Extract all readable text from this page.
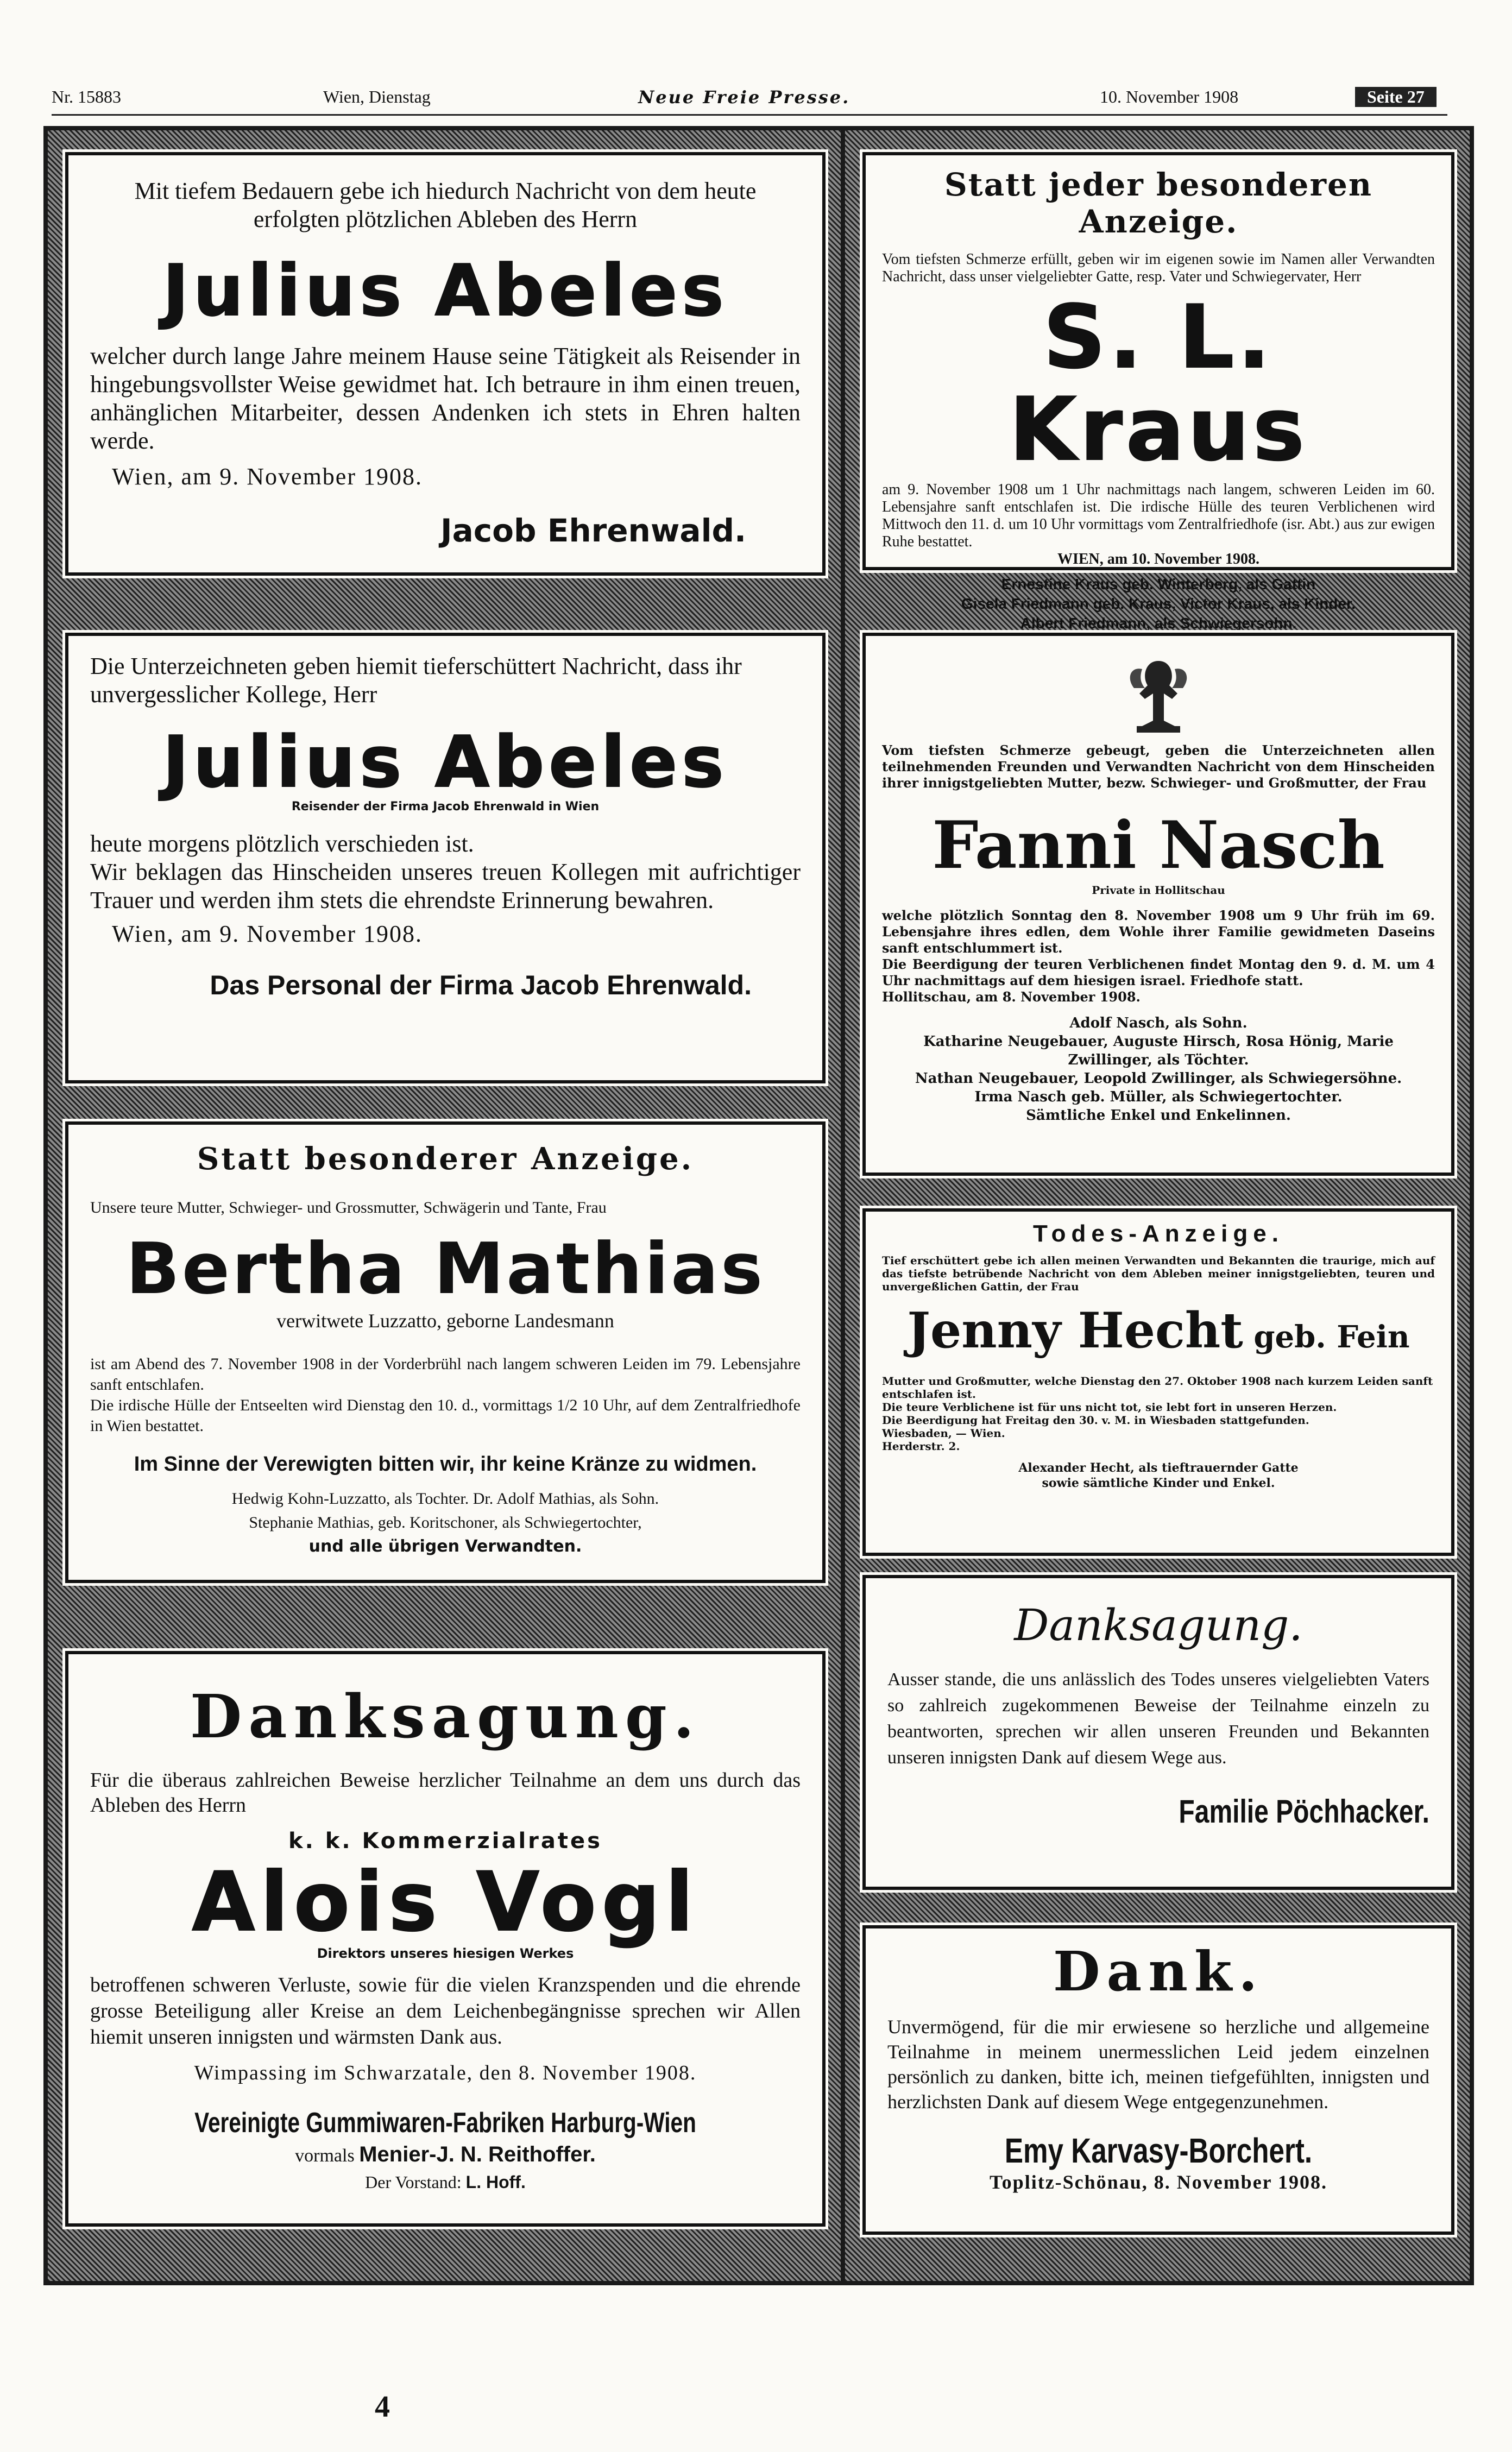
Nr. 15883	Wien, Dienstag	Neue Freie Presse.	10. November 1908	Seite 27

Mit tiefem Bedauern gebe ich hiedurch Nachricht von dem heute erfolgten plötzlichen Ableben des Herrn

Julius Abeles

welcher durch lange Jahre meinem Hause seine Tätigkeit als Reisender in hingebungsvollster Weise gewidmet hat. Ich betraure in ihm einen treuen, anhänglichen Mitarbeiter, dessen Andenken ich stets in Ehren halten werde.

Wien, am 9. November 1908.

Jacob Ehrenwald.

Die Unterzeichneten geben hiemit tieferschüttert Nachricht, dass ihr unvergesslicher Kollege, Herr

Julius Abeles

Reisender der Firma Jacob Ehrenwald in Wien

heute morgens plötzlich verschieden ist.

Wir beklagen das Hinscheiden unseres treuen Kollegen mit aufrichtiger Trauer und werden ihm stets die ehrendste Erinnerung bewahren.

Wien, am 9. November 1908.

Das Personal der Firma Jacob Ehrenwald.

Statt besonderer Anzeige.

Unsere teure Mutter, Schwieger- und Grossmutter, Schwägerin und Tante, Frau

Bertha Mathias

verwitwete Luzzatto, geborne Landesmann

ist am Abend des 7. November 1908 in der Vorderbrühl nach langem schweren Leiden im 79. Lebensjahre sanft entschlafen.

Die irdische Hülle der Entseelten wird Dienstag den 10. d., vormittags 1/2 10 Uhr, auf dem Zentralfriedhofe in Wien bestattet.

Im Sinne der Verewigten bitten wir, ihr keine Kränze zu widmen.

Hedwig Kohn-Luzzatto, als Tochter. Dr. Adolf Mathias, als Sohn.

Stephanie Mathias, geb. Koritschoner, als Schwiegertochter,

und alle übrigen Verwandten.

Danksagung.

Für die überaus zahlreichen Beweise herzlicher Teilnahme an dem uns durch das Ableben des Herrn

k. k. Kommerzialrates

Alois Vogl

Direktors unseres hiesigen Werkes

betroffenen schweren Verluste, sowie für die vielen Kranzspenden und die ehrende grosse Beteiligung aller Kreise an dem Leichenbegängnisse sprechen wir Allen hiemit unseren innigsten und wärmsten Dank aus.

Wimpassing im Schwarzatale, den 8. November 1908.

Vereinigte Gummiwaren-Fabriken Harburg-Wien

vormals Menier-J. N. Reithoffer.

Der Vorstand: L. Hoff.

Statt jeder besonderen Anzeige.

Vom tiefsten Schmerze erfüllt, geben wir im eigenen sowie im Namen aller Verwandten Nachricht, dass unser vielgeliebter Gatte, resp. Vater und Schwiegervater, Herr

S. L. Kraus

am 9. November 1908 um 1 Uhr nachmittags nach langem, schweren Leiden im 60. Lebensjahre sanft entschlafen ist. Die irdische Hülle des teuren Verblichenen wird Mittwoch den 11. d. um 10 Uhr vormittags vom Zentralfriedhofe (isr. Abt.) aus zur ewigen Ruhe bestattet.

WIEN, am 10. November 1908.

Ernestine Kraus geb. Winterberg, als Gattin

Gisela Friedmann geb. Kraus, Victor Kraus, als Kinder.

Albert Friedmann, als Schwiegersohn.

Vom tiefsten Schmerze gebeugt, geben die Unterzeichneten allen teilnehmenden Freunden und Verwandten Nachricht von dem Hinscheiden ihrer innigstgeliebten Mutter, bezw. Schwieger- und Großmutter, der Frau

Fanni Nasch

Private in Hollitschau

welche plötzlich Sonntag den 8. November 1908 um 9 Uhr früh im 69. Lebensjahre ihres edlen, dem Wohle ihrer Familie gewidmeten Daseins sanft entschlummert ist.

Die Beerdigung der teuren Verblichenen findet Montag den 9. d. M. um 4 Uhr nachmittags auf dem hiesigen israel. Friedhofe statt.

Hollitschau, am 8. November 1908.

Adolf Nasch, als Sohn.

Katharine Neugebauer, Auguste Hirsch, Rosa Hönig, Marie Zwillinger, als Töchter.

Nathan Neugebauer, Leopold Zwillinger, als Schwiegersöhne.

Irma Nasch geb. Müller, als Schwiegertochter.

Sämtliche Enkel und Enkelinnen.

Todes-Anzeige.

Tief erschüttert gebe ich allen meinen Verwandten und Bekannten die traurige, mich auf das tiefste betrübende Nachricht von dem Ableben meiner innigstgeliebten, teuren und unvergeßlichen Gattin, der Frau

Jenny Hecht geb. Fein

Mutter und Großmutter, welche Dienstag den 27. Oktober 1908 nach kurzem Leiden sanft entschlafen ist.

Die teure Verblichene ist für uns nicht tot, sie lebt fort in unseren Herzen.

Die Beerdigung hat Freitag den 30. v. M. in Wiesbaden stattgefunden.

Wiesbaden, — Wien.

Herderstr. 2.

Alexander Hecht, als tieftrauernder Gatte

sowie sämtliche Kinder und Enkel.

Danksagung.

Ausser stande, die uns anlässlich des Todes unseres vielgeliebten Vaters so zahlreich zugekommenen Beweise der Teilnahme einzeln zu beantworten, sprechen wir allen unseren Freunden und Bekannten unseren innigsten Dank auf diesem Wege aus.

Familie Pöchhacker.

Dank.

Unvermögend, für die mir erwiesene so herzliche und allgemeine Teilnahme in meinem unermesslichen Leid jedem einzelnen persönlich zu danken, bitte ich, meinen tiefgefühlten, innigsten und herzlichsten Dank auf diesem Wege entgegenzunehmen.

Emy Karvasy-Borchert.

Toplitz-Schönau, 8. November 1908.

4
